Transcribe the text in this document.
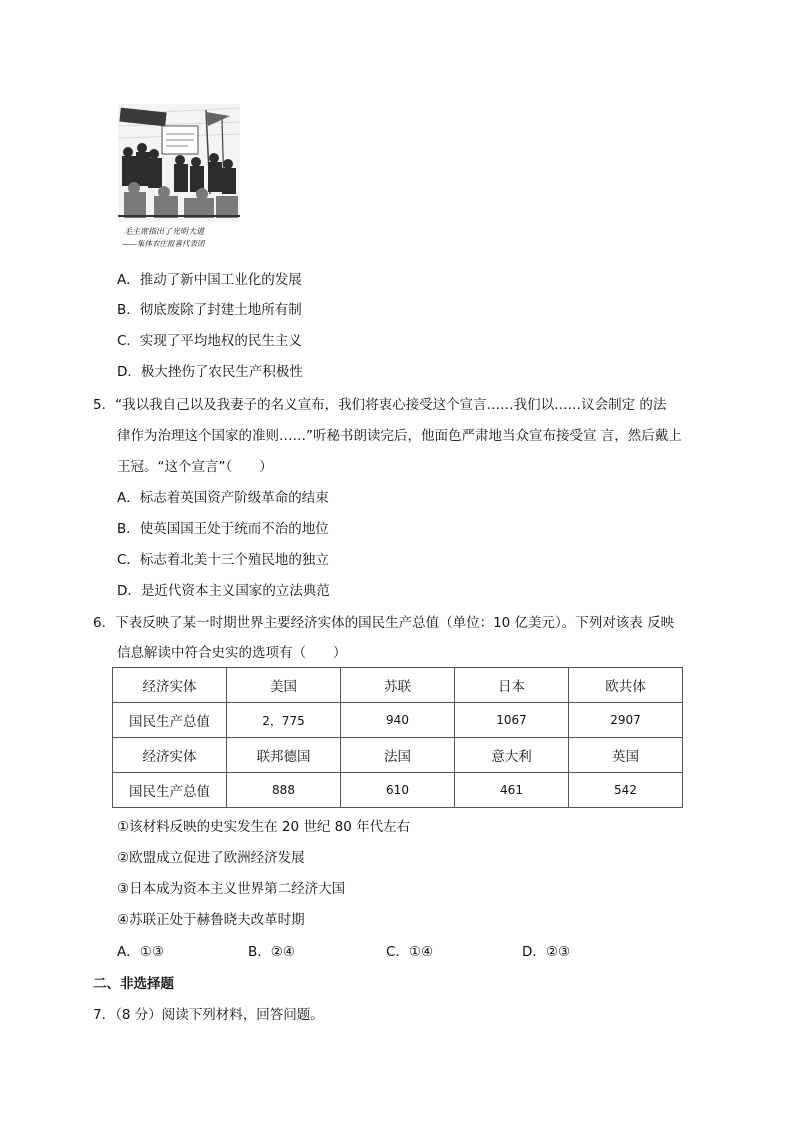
毛主席指出了光明大道
——集体农庄报喜代表团
A．推动了新中国工业化的发展
B．彻底废除了封建土地所有制
C．实现了平均地权的民生主义
D．极大挫伤了农民生产积极性
5．“我以我自己以及我妻子的名义宣布，我们将衷心接受这个宣言……我们以……议会制定 的法
律作为治理这个国家的准则……”听秘书朗读完后，他面色严肃地当众宣布接受宣 言，然后戴上
王冠。“这个宣言”（　　）
A．标志着英国资产阶级革命的结束
B．使英国国王处于统而不治的地位
C．标志着北美十三个殖民地的独立
D．是近代资本主义国家的立法典范
6．下表反映了某一时期世界主要经济实体的国民生产总值（单位：10 亿美元）。下列对该表 反映
信息解读中符合史实的选项有（　　）
经济实体	美国	苏联	日本	欧共体
国民生产总值	2，775	940	1067	2907
经济实体	联邦德国	法国	意大利	英国
国民生产总值	888	610	461	542
①该材料反映的史实发生在 20 世纪 80 年代左右
②欧盟成立促进了欧洲经济发展
③日本成为资本主义世界第二经济大国
④苏联正处于赫鲁晓夫改革时期
A．①③	B．②④	C．①④	D．②③
二、非选择题
7．（8 分）阅读下列材料，回答问题。
